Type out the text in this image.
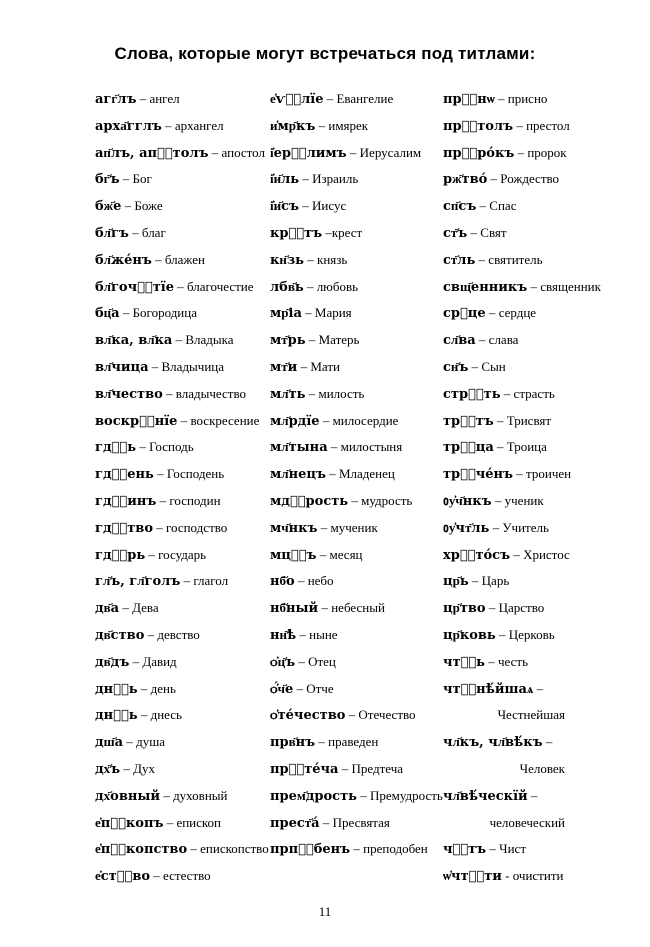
Слова, которые могут встречаться под титлами:
агг҃лъ – ангел
арха҃гглъ – архангел
ап҃лъ, апⷭ҇толъ – апостол
бг҃ъ – Бог
бж҃е – Боже
бл҃гъ – благ
бл҃же́нъ – блажен
бл҃гочⷭ҇тїе – благочестие
бц҃а – Богородица
вл҃ка, вл҃ка – Владыка
вл҃чица – Владычица
вл҃чество – владычество
воскрⷭ҇нїе – воскресение
гдⷭ҇ь – Господь
гдⷭ҇ень – Господень
гдⷭ҇инъ – господин
гдⷭ҇тво – господство
гдⷭ҇рь – государь
гл҃ъ, гл҃голъ – глагол
дв҃а – Дева
дв҃ство – девство
дв҃дъ – Давид
днⷭ҇ь – день
днⷭ҇ь – днесь
дш҃а – душа
дх҃ъ – Дух
дх҃овный – духовный
е҆пⷭ҇копъ – епископ
е҆пⷭ҇копство – епископство
е҆стⷭ҇во – естество
е҆ѵⷢ҇лїе – Евангелие
и҆мр҃къ – имярек
і҆ерⷭ҇лимъ – Иерусалим
і҆и҃ль – Израиль
і҆и҃съ – Иисус
крⷭ҇тъ –крест
кн҃зь – князь
лбв҃ь – любовь
мр҃іа – Мария
мт҃рь – Матерь
мт҃и – Мати
мл҃ть – милость
мл҃рдїе – милосердие
мл҃тына – милостыня
мл҃нецъ – Младенец
мдⷭ҇рость – мудрость
мч҃нкъ – мученик
мцⷭ҇ъ – месяц
нб҃о – небо
нб҃ный – небесный
нн҃ѣ – ныне
ѻ҆ц҃ъ – Отец
ѻ҆́ч҃е – Отче
ѻ҆те́чество – Отечество
прв҃нъ – праведен
прⷭ҇те́ча – Предтеча
прем҃дрость – Премудрость
прест҃а́ – Пресвятая
прпⷭ҇бенъ – преподобен
прⷭ҇нѡ – присно
прⷭ҇толъ – престол
прⷪ҇ро́къ – пророк
рж҃тво́ – Рождество
сп҃съ – Спас
ст҃ъ – Свят
ст҃ль – святитель
свщ҃енникъ – священник
срⷣце – сердце
сл҃ва – слава
сн҃ъ – Сын
стрⷭ҇ть – страсть
трⷭ҇тъ – Трисвят
трⷪ҇ца – Троица
трⷪ҇че́нъ – троичен
ᲂу҆ч҃нкъ – ученик
ᲂу҆чт҃ль – Учитель
хрⷭ҇то́съ – Христос
цр҃ь – Царь
цр҃тво – Царство
цр҃ковь – Церковь
чтⷭ҇ь – честь
чтⷭ҇нѣ́йшаѧ –
Честнейшая
чл҃къ, чл҃вѣ́къ –
Человек
чл҃вѣ́ческїй –
человеческий
чⷭ҇тъ – Чист
ѡ҆чтⷭ҇ти - очистити
11
